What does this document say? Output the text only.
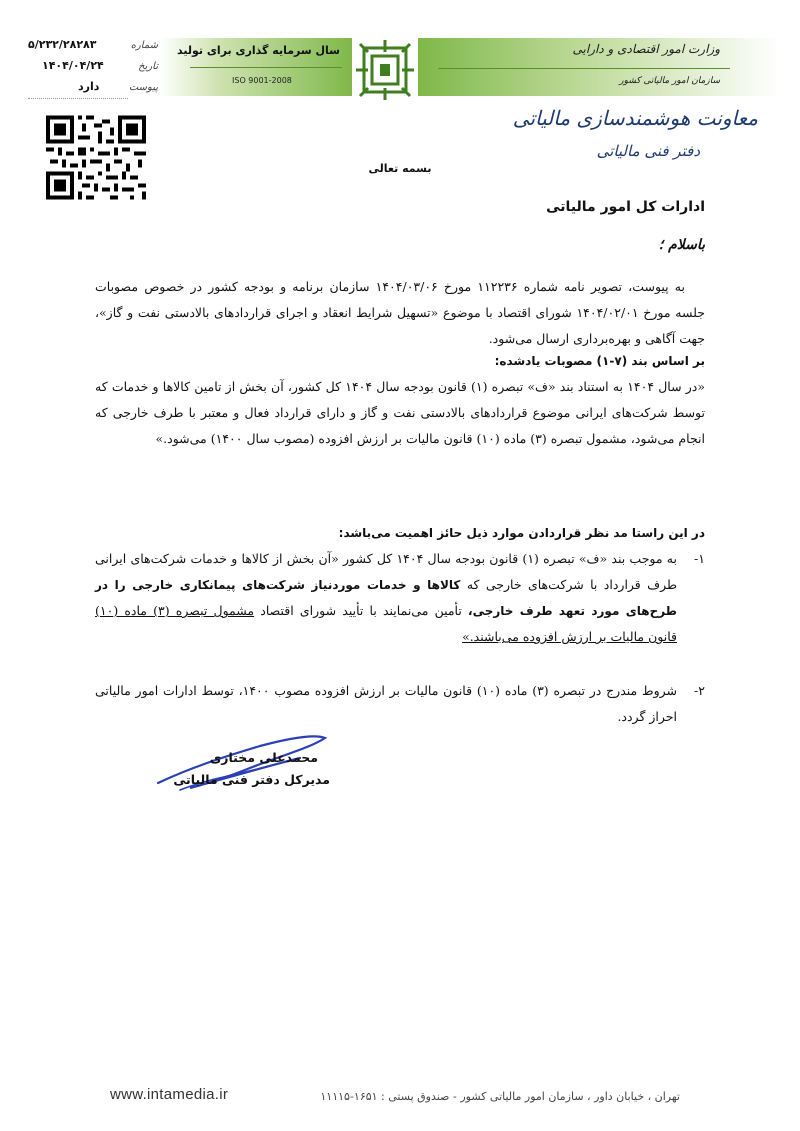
۵/۲۳۲/۲۸۲۸۳	شماره
۱۴۰۴/۰۴/۲۴	تاریخ
دارد	پیوست
سال سرمایه گذاری برای تولید
ISO 9001-2008
وزارت امور اقتصادی و دارایی
سازمان امور مالیاتی کشور
معاونت هوشمندسازی مالیاتی
دفتر فنی مالیاتی
بسمه تعالی
ادارات کل امور مالیاتی
باسلام ؛
به پیوست، تصویر نامه شماره ۱۱۲۲۳۶ مورخ ۱۴۰۴/۰۳/۰۶ سازمان برنامه و بودجه کشور در خصوص مصوبات جلسه مورخ ۱۴۰۴/۰۲/۰۱ شورای اقتصاد با موضوع «تسهیل شرایط انعقاد و اجرای قراردادهای بالادستی نفت و گاز»، جهت آگاهی و بهره‌برداری ارسال می‌شود.
بر اساس بند (۷-۱) مصوبات یادشده:
«در سال ۱۴۰۴ به استناد بند «ف» تبصره (۱) قانون بودجه سال ۱۴۰۴ کل کشور، آن بخش از تامین کالاها و خدمات که توسط شرکت‌های ایرانی موضوع قراردادهای بالادستی نفت و گاز و دارای قرارداد فعال و معتبر با طرف خارجی که انجام می‌شود، مشمول تبصره (۳) ماده (۱۰) قانون مالیات بر ارزش افزوده (مصوب سال ۱۴۰۰) می‌شود.»
در این راستا مد نظر قراردادن موارد ذیل حائز اهمیت می‌باشد:
۱-
به موجب بند «ف» تبصره (۱) قانون بودجه سال ۱۴۰۴ کل کشور «آن بخش از کالاها و خدمات شرکت‌های ایرانی طرف قرارداد با شرکت‌های خارجی که کالاها و خدمات موردنیاز شرکت‌های پیمانکاری خارجی را در طرح‌های مورد تعهد طرف خارجی، تأمین می‌نمایند با تأیید شورای اقتصاد مشمول تبصره (۳) ماده (۱۰) قانون مالیات بر ارزش افزوده می‌باشند.»
۲-
شروط مندرج در تبصره (۳) ماده (۱۰) قانون مالیات بر ارزش افزوده مصوب ۱۴۰۰، توسط ادارات امور مالیاتی احراز گردد.
محمدعلی مختاری
مدیرکل دفتر فنی مالیاتی
تهران ، خیابان داور ، سازمان امور مالیاتی کشور - صندوق پستی : ۱۶۵۱-۱۱۱۱۵
www.intamedia.ir
